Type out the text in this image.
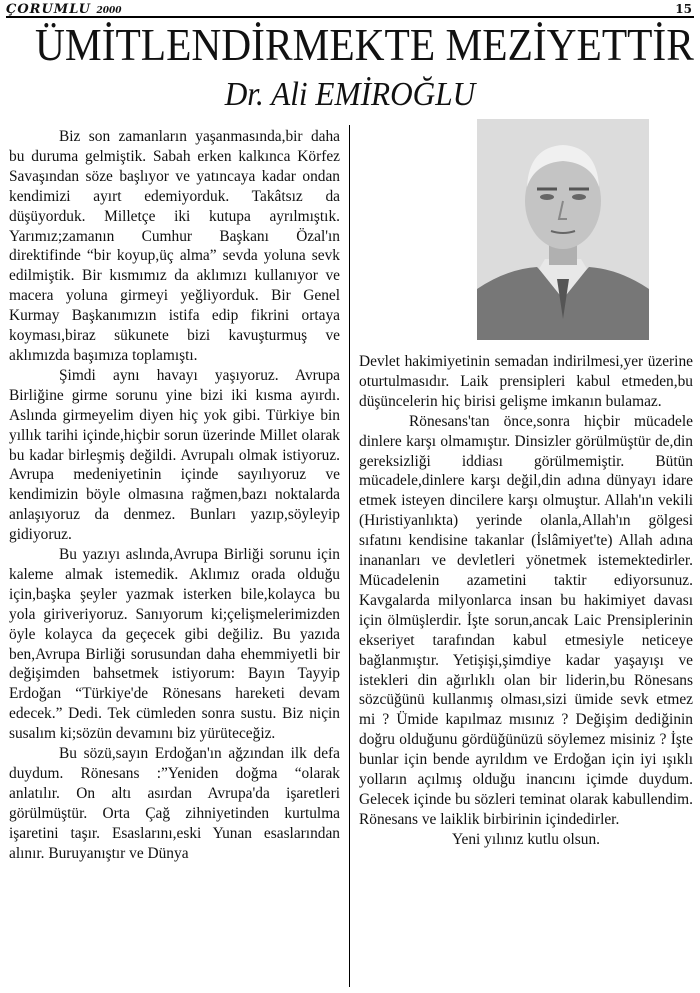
ÇORUMLU 2000	15
ÜMİTLENDİRMEKTE MEZİYETTİR
Dr. Ali EMİROĞLU

Biz son zamanların yaşanmasında,bir daha bu duruma gelmiştik. Sabah erken kalkınca Körfez Savaşından söze başlıyor ve yatıncaya kadar ondan kendimizi ayırt edemiyorduk. Takâtsız da düşüyorduk. Milletçe iki kutupa ayrılmıştık. Yarımız;zamanın Cumhur Başkanı Özal'ın direktifinde “bir koyup,üç alma” sevda yoluna sevk edilmiştik. Bir kısmımız da aklımızı kullanıyor ve macera yoluna girmeyi yeğliyorduk. Bir Genel Kurmay Başkanımızın istifa edip fikrini ortaya koyması,biraz sükunete bizi kavuşturmuş ve aklımızda başımıza toplamıştı.

Şimdi aynı havayı yaşıyoruz. Avrupa Birliğine girme sorunu yine bizi iki kısma ayırdı. Aslında girmeyelim diyen hiç yok gibi. Türkiye bin yıllık tarihi içinde,hiçbir sorun üzerinde Millet olarak bu kadar birleşmiş değildi. Avrupalı olmak istiyoruz. Avrupa medeniyetinin içinde sayılıyoruz ve kendimizin böyle olmasına rağmen,bazı noktalarda anlaşıyoruz da denmez. Bunları yazıp,söyleyip gidiyoruz.

Bu yazıyı aslında,Avrupa Birliği sorunu için kaleme almak istemedik. Aklımız orada olduğu için,başka şeyler yazmak isterken bile,kolayca bu yola giriveriyoruz. Sanıyorum ki;çelişmelerimizden öyle kolayca da geçecek gibi değiliz. Bu yazıda ben,Avrupa Birliği sorusundan daha ehemmiyetli bir değişimden bahsetmek istiyorum: Bayın Tayyip Erdoğan “Türkiye'de Rönesans hareketi devam edecek.” Dedi. Tek cümleden sonra sustu. Biz niçin susalım ki;sözün devamını biz yürüteceğiz.

Bu sözü,sayın Erdoğan'ın ağzından ilk defa duydum. Rönesans :”Yeniden doğma “olarak anlatılır. On altı asırdan Avrupa'da işaretleri görülmüştür. Orta Çağ zihniyetinden kurtulma işaretini taşır. Esaslarını,eski Yunan esaslarından alınır. Buruyanıştır ve Dünya

Devlet hakimiyetinin semadan indirilmesi,yer üzerine oturtulmasıdır. Laik prensipleri kabul etmeden,bu düşüncelerin hiç birisi gelişme imkanın bulamaz.

Rönesans'tan önce,sonra hiçbir mücadele dinlere karşı olmamıştır. Dinsizler görülmüştür de,din gereksizliği iddiası görülmemiştir. Bütün mücadele,dinlere karşı değil,din adına dünyayı idare etmek isteyen dincilere karşı olmuştur. Allah'ın vekili (Hıristiyanlıkta) yerinde olanla,Allah'ın gölgesi sıfatını kendisine takanlar (İslâmiyet'te) Allah adına inananları ve devletleri yönetmek istemektedirler. Mücadelenin azametini taktir ediyorsunuz. Kavgalarda milyonlarca insan bu hakimiyet davası için ölmüşlerdir. İşte sorun,ancak Laic Prensiplerinin ekseriyet tarafından kabul etmesiyle neticeye bağlanmıştır. Yetişişi,şimdiye kadar yaşayışı ve istekleri din ağırlıklı olan bir liderin,bu Rönesans sözcüğünü kullanmış olması,sizi ümide sevk etmez mi ? Ümide kapılmaz mısınız ? Değişim dediğinin doğru olduğunu gördüğünüzü söylemez misiniz ? İşte bunlar için bende ayrıldım ve Erdoğan için iyi ışıklı yolların açılmış olduğu inancını içimde duydum. Gelecek içinde bu sözleri teminat olarak kabullendim. Rönesans ve laiklik birbirinin içindedirler.

Yeni yılınız kutlu olsun.
